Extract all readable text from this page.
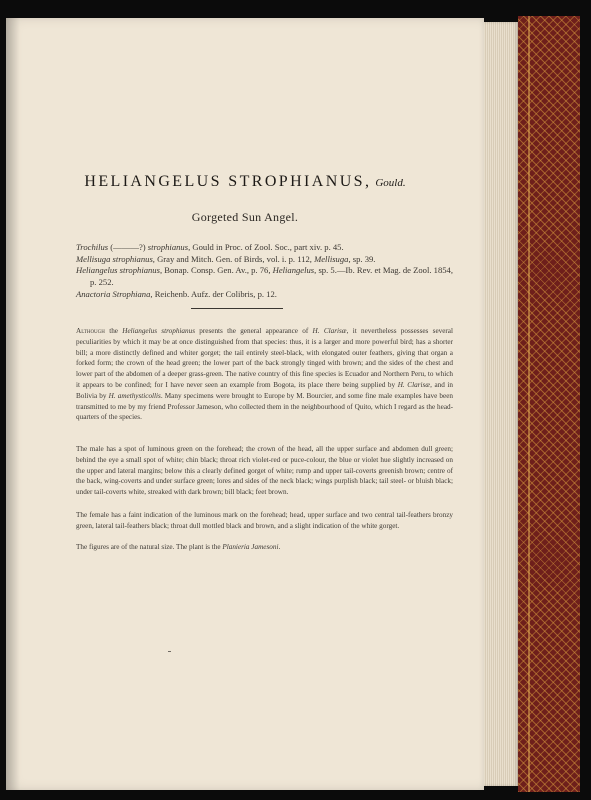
HELIANGELUS STROPHIANUS, Gould.
Gorgeted Sun Angel.
Trochilus (———?) strophianus, Gould in Proc. of Zool. Soc., part xiv. p. 45.
Mellisuga strophianus, Gray and Mitch. Gen. of Birds, vol. i. p. 112, Mellisuga, sp. 39.
Heliangelus strophianus, Bonap. Consp. Gen. Av., p. 76, Heliangelus, sp. 5.—Ib. Rev. et Mag. de Zool. 1854, p. 252.
Anactoria Strophiana, Reichenb. Aufz. der Colibris, p. 12.
Although the Heliangelus strophianus presents the general appearance of H. Clarisæ, it nevertheless possesses several peculiarities by which it may be at once distinguished from that species: thus, it is a larger and more powerful bird; has a shorter bill; a more distinctly defined and whiter gorget; the tail entirely steel-black, with elongated outer feathers, giving that organ a forked form; the crown of the head green; the lower part of the back strongly tinged with brown; and the sides of the chest and lower part of the abdomen of a deeper grass-green. The native country of this fine species is Ecuador and Northern Peru, to which it appears to be confined; for I have never seen an example from Bogota, its place there being supplied by H. Clarisæ, and in Bolivia by H. amethysticollis. Many specimens were brought to Europe by M. Bourcier, and some fine male examples have been transmitted to me by my friend Professor Jameson, who collected them in the neighbourhood of Quito, which I regard as the head-quarters of the species.
The male has a spot of luminous green on the forehead; the crown of the head, all the upper surface and abdomen dull green; behind the eye a small spot of white; chin black; throat rich violet-red or puce-colour, the blue or violet hue slightly increased on the upper and lateral margins; below this a clearly defined gorget of white; rump and upper tail-coverts greenish brown; centre of the back, wing-coverts and under surface green; lores and sides of the neck black; wings purplish black; tail steel- or bluish black; under tail-coverts white, streaked with dark brown; bill black; feet brown.
The female has a faint indication of the luminous mark on the forehead; head, upper surface and two central tail-feathers bronzy green, lateral tail-feathers black; throat dull mottled black and brown, and a slight indication of the white gorget.
The figures are of the natural size. The plant is the Planieria Jamesoni.
